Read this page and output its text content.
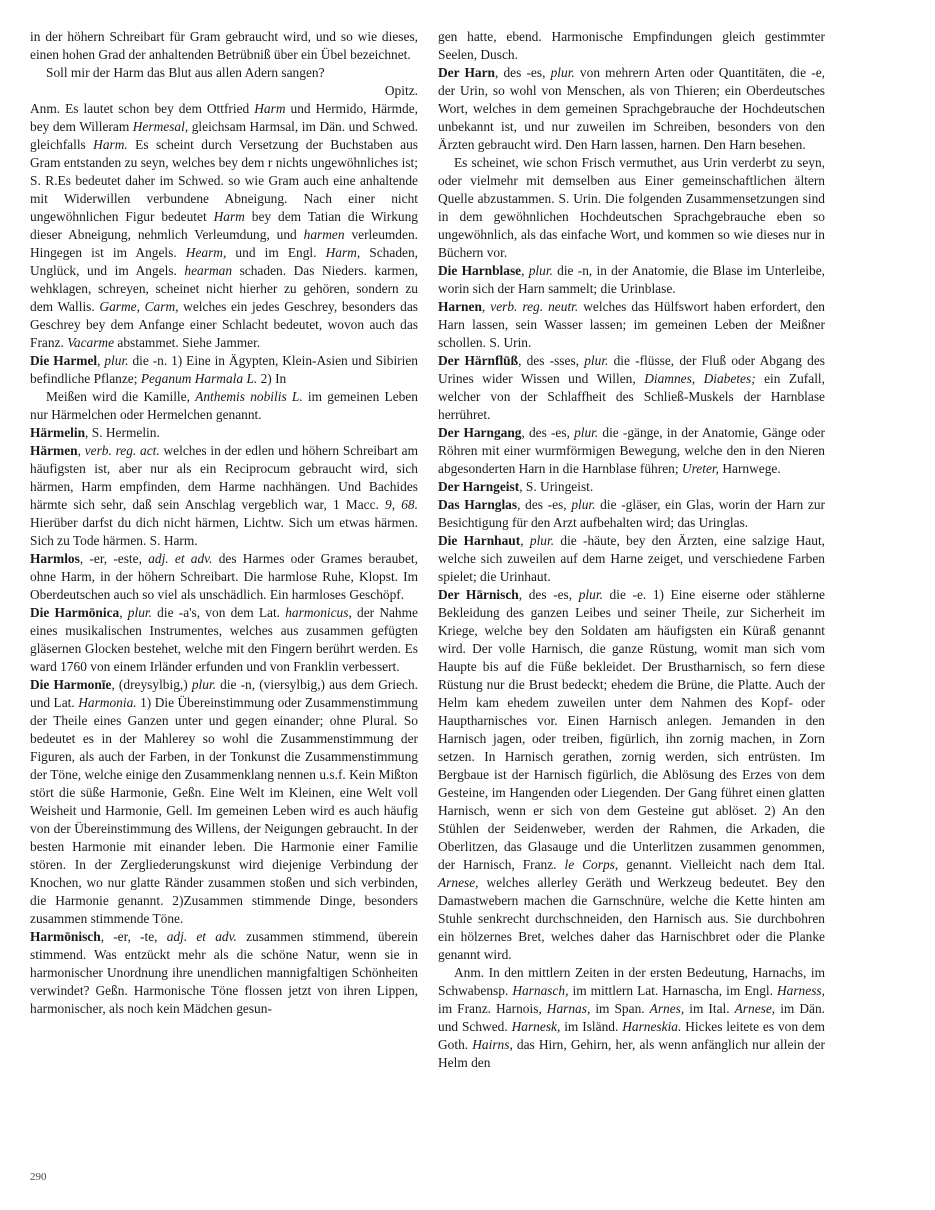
in der höhern Schreibart für Gram gebraucht wird, und so wie dieses, einen hohen Grad der anhaltenden Betrübniß über ein Übel bezeichnet.

Soll mir der Harm das Blut aus allen Adern sangen?

Opitz.

Anm. Es lautet schon bey dem Ottfried Harm und Hermido, Härmde, bey dem Willeram Hermesal, gleichsam Harmsal, im Dän. und Schwed. gleichfalls Harm. Es scheint durch Versetzung der Buchstaben aus Gram entstanden zu seyn, welches bey dem r nichts ungewöhnliches ist; S. R.Es bedeutet daher im Schwed. so wie Gram auch eine anhaltende mit Widerwillen verbundene Abneigung. Nach einer nicht ungewöhnlichen Figur bedeutet Harm bey dem Tatian die Wirkung dieser Abneigung, nehmlich Verleumdung, und harmen verleumden. Hingegen ist im Angels. Hearm, und im Engl. Harm, Schaden, Unglück, und im Angels. hearman schaden. Das Nieders. karmen, wehklagen, schreyen, scheinet nicht hierher zu gehören, sondern zu dem Wallis. Garme, Carm, welches ein jedes Geschrey, besonders das Geschrey bey dem Anfange einer Schlacht bedeutet, wovon auch das Franz. Vacarme abstammet. Siehe Jammer.

Die Harmel, plur. die -n. 1) Eine in Ägypten, Klein-Asien und Sibirien befindliche Pflanze; Peganum Harmala L. 2) In

Meißen wird die Kamille, Anthemis nobilis L. im gemeinen Leben nur Härmelchen oder Hermelchen genannt.

Härmelin, S. Hermelin.

Härmen, verb. reg. act. welches in der edlen und höhern Schreibart am häufigsten ist, aber nur als ein Reciprocum gebraucht wird, sich härmen, Harm empfinden, dem Harme nachhängen. Und Bachides härmte sich sehr, daß sein Anschlag vergeblich war, 1 Macc. 9, 68. Hierüber darfst du dich nicht härmen, Lichtw. Sich um etwas härmen. Sich zu Tode härmen. S. Harm.

Harmlos, -er, -este, adj. et adv. des Harmes oder Grames beraubet, ohne Harm, in der höhern Schreibart. Die harmlose Ruhe, Klopst. Im Oberdeutschen auch so viel als unschädlich. Ein harmloses Geschöpf.

Die Harmōnica, plur. die -a's, von dem Lat. harmonicus, der Nahme eines musikalischen Instrumentes, welches aus zusammen gefügten gläsernen Glocken bestehet, welche mit den Fingern berührt werden. Es ward 1760 von einem Irländer erfunden und von Franklin verbessert.

Die Harmonīe, (dreysylbig,) plur. die -n, (viersylbig,) aus dem Griech. und Lat. Harmonia. 1) Die Übereinstimmung oder Zusammenstimmung der Theile eines Ganzen unter und gegen einander; ohne Plural. So bedeutet es in der Mahlerey so wohl die Zusammenstimmung der Figuren, als auch der Farben, in der Tonkunst die Zusammenstimmung der Töne, welche einige den Zusammenklang nennen u.s.f. Kein Mißton stört die süße Harmonie, Geßn. Eine Welt im Kleinen, eine Welt voll Weisheit und Harmonie, Gell. Im gemeinen Leben wird es auch häufig von der Übereinstimmung des Willens, der Neigungen gebraucht. In der besten Harmonie mit einander leben. Die Harmonie einer Familie stören. In der Zergliederungskunst wird diejenige Verbindung der Knochen, wo nur glatte Ränder zusammen stoßen und sich verbinden, die Harmonie genannt. 2)Zusammen stimmende Dinge, besonders zusammen stimmende Töne.

Harmōnisch, -er, -te, adj. et adv. zusammen stimmend, überein stimmend. Was entzückt mehr als die schöne Natur, wenn sie in harmonischer Unordnung ihre unendlichen mannigfaltigen Schönheiten verwindet? Geßn. Harmonische Töne flossen jetzt von ihren Lippen, harmonischer, als noch kein Mädchen gesun-

gen hatte, ebend. Harmonische Empfindungen gleich gestimmter Seelen, Dusch.

Der Harn, des -es, plur. von mehrern Arten oder Quantitäten, die -e, der Urin, so wohl von Menschen, als von Thieren; ein Oberdeutsches Wort, welches in dem gemeinen Sprachgebrauche der Hochdeutschen unbekannt ist, und nur zuweilen im Schreiben, besonders von den Ärzten gebraucht wird. Den Harn lassen, harnen. Den Harn besehen.

Es scheinet, wie schon Frisch vermuthet, aus Urin verderbt zu seyn, oder vielmehr mit demselben aus Einer gemeinschaftlichen ältern Quelle abzustammen. S. Urin. Die folgenden Zusammensetzungen sind in dem gewöhnlichen Hochdeutschen Sprachgebrauche eben so ungewöhnlich, als das einfache Wort, und kommen so wie dieses nur in Büchern vor.

Die Harnblase, plur. die -n, in der Anatomie, die Blase im Unterleibe, worin sich der Harn sammelt; die Urinblase.

Harnen, verb. reg. neutr. welches das Hülfswort haben erfordert, den Harn lassen, sein Wasser lassen; im gemeinen Leben der Meißner schollen. S. Urin.

Der Härnflūß, des -sses, plur. die -flüsse, der Fluß oder Abgang des Urines wider Wissen und Willen, Diamnes, Diabetes; ein Zufall, welcher von der Schlaffheit des Schließ-Muskels der Harnblase herrühret.

Der Harngang, des -es, plur. die -gänge, in der Anatomie, Gänge oder Röhren mit einer wurmförmigen Bewegung, welche den in den Nieren abgesonderten Harn in die Harnblase führen; Ureter, Harnwege.

Der Harngeist, S. Uringeist.

Das Harnglas, des -es, plur. die -gläser, ein Glas, worin der Harn zur Besichtigung für den Arzt aufbehalten wird; das Uringlas.

Die Harnhaut, plur. die -häute, bey den Ärzten, eine salzige Haut, welche sich zuweilen auf dem Harne zeiget, und verschiedene Farben spielet; die Urinhaut.

Der Hārnisch, des -es, plur. die -e. 1) Eine eiserne oder stählerne Bekleidung des ganzen Leibes und seiner Theile, zur Sicherheit im Kriege, welche bey den Soldaten am häufigsten ein Küraß genannt wird. Der volle Harnisch, die ganze Rüstung, womit man sich vom Haupte bis auf die Füße bekleidet. Der Brustharnisch, so fern diese Rüstung nur die Brust bedeckt; ehedem die Brüne, die Platte. Auch der Helm kam ehedem zuweilen unter dem Nahmen des Kopf- oder Hauptharnisches vor. Einen Harnisch anlegen. Jemanden in den Harnisch jagen, oder treiben, figürlich, ihn zornig machen, in Zorn setzen. In Harnisch gerathen, zornig werden, sich entrüsten. Im Bergbaue ist der Harnisch figürlich, die Ablösung des Erzes von dem Gesteine, im Hangenden oder Liegenden. Der Gang führet einen glatten Harnisch, wenn er sich von dem Gesteine gut ablöset. 2) An den Stühlen der Seidenweber, werden der Rahmen, die Arkaden, die Oberlitzen, das Glasauge und die Unterlitzen zusammen genommen, der Harnisch, Franz. le Corps, genannt. Vielleicht nach dem Ital. Arnese, welches allerley Geräth und Werkzeug bedeutet. Bey den Damastwebern machen die Garnschnüre, welche die Kette hinten am Stuhle senkrecht durchschneiden, den Harnisch aus. Sie durchbohren ein hölzernes Bret, welches daher das Harnischbret oder die Planke genannt wird.

Anm. In den mittlern Zeiten in der ersten Bedeutung, Harnachs, im Schwabensp. Harnasch, im mittlern Lat. Harnascha, im Engl. Harness, im Franz. Harnois, Harnas, im Span. Arnes, im Ital. Arnese, im Dän. und Schwed. Harnesk, im Isländ. Harneskia. Hickes leitete es von dem Goth. Hairns, das Hirn, Gehirn, her, als wenn anfänglich nur allein der Helm den

290
